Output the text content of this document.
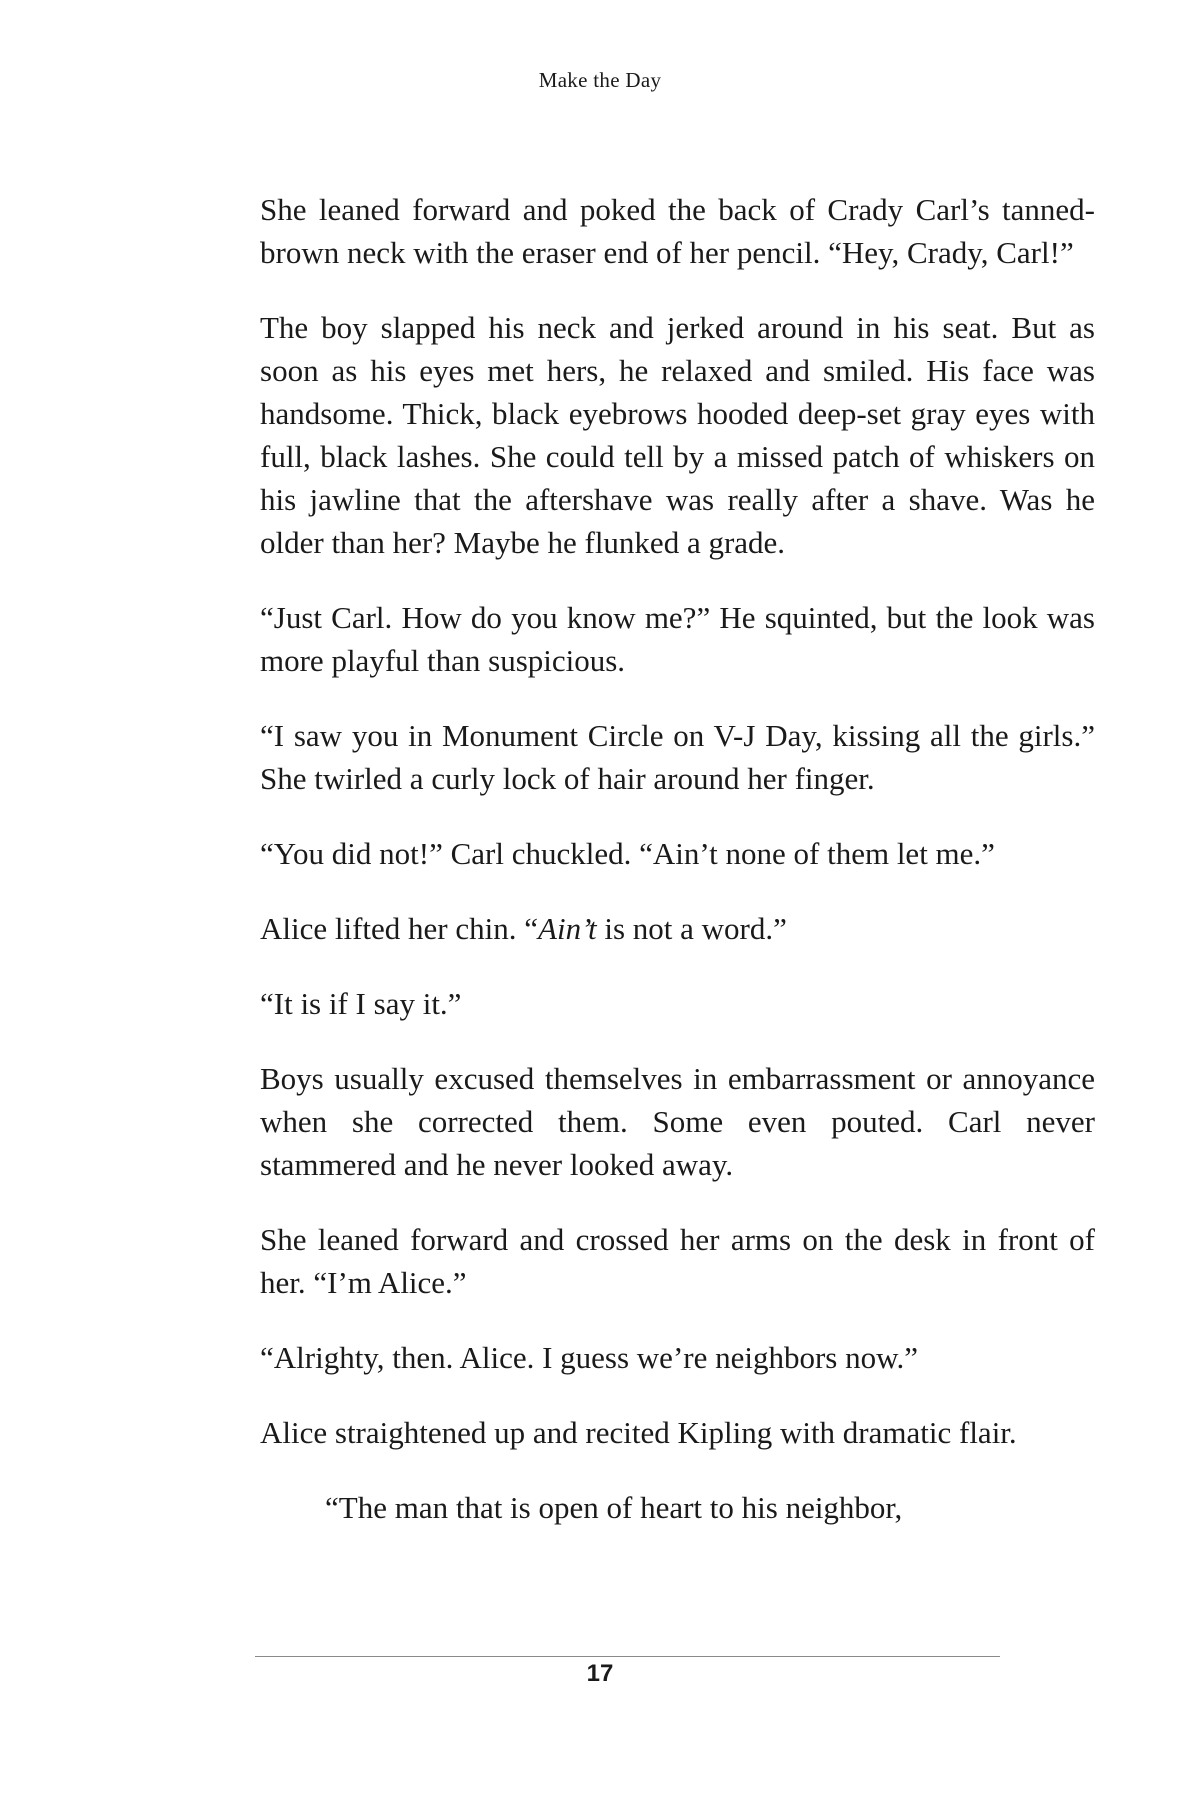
Make the Day

She leaned forward and poked the back of Crady Carl’s tanned-brown neck with the eraser end of her pencil. “Hey, Crady, Carl!”

The boy slapped his neck and jerked around in his seat. But as soon as his eyes met hers, he relaxed and smiled. His face was handsome. Thick, black eyebrows hooded deep-set gray eyes with full, black lashes. She could tell by a missed patch of whiskers on his jawline that the aftershave was really after a shave. Was he older than her? Maybe he flunked a grade.

“Just Carl. How do you know me?” He squinted, but the look was more playful than suspicious.

“I saw you in Monument Circle on V-J Day, kissing all the girls.” She twirled a curly lock of hair around her finger.

“You did not!” Carl chuckled. “Ain’t none of them let me.”

Alice lifted her chin. “Ain’t is not a word.”

“It is if I say it.”

Boys usually excused themselves in embarrassment or annoyance when she corrected them. Some even pouted. Carl never stammered and he never looked away.

She leaned forward and crossed her arms on the desk in front of her. “I’m Alice.”

“Alrighty, then. Alice. I guess we’re neighbors now.”

Alice straightened up and recited Kipling with dramatic flair.

“The man that is open of heart to his neighbor,

17
